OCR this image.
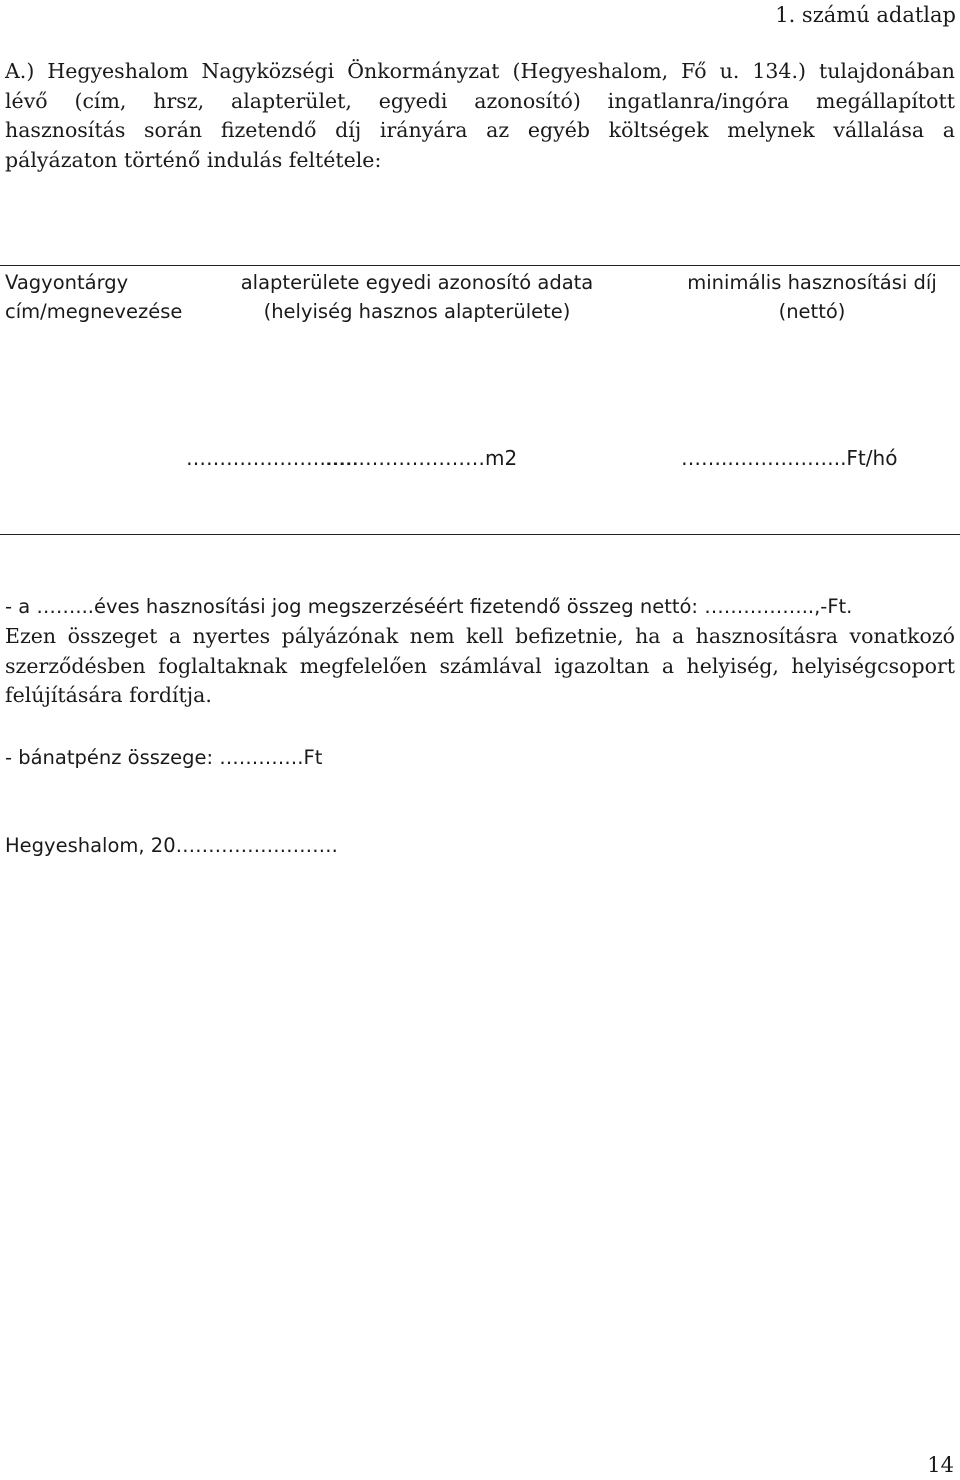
1. számú adatlap
A.) Hegyeshalom Nagyközségi Önkormányzat (Hegyeshalom, Fő u. 134.) tulajdonában
lévő (cím, hrsz, alapterület, egyedi azonosító) ingatlanra/ingóra megállapított
hasznosítás során fizetendő díj irányára az egyéb költségek melynek vállalása a
pályázaton történő indulás feltétele:
Vagyontárgy
cím/megnevezése
alapterülete egyedi azonosító adata
(helyiség hasznos alapterülete)
minimális hasznosítási díj
(nettó)
……………………..
……………………m2	……..……………..Ft/hó
- a ……...éves hasznosítási jog megszerzéséért fizetendő összeg nettó: ……………..,-Ft.
Ezen összeget a nyertes pályázónak nem kell befizetnie, ha a hasznosításra vonatkozó
szerződésben foglaltaknak megfelelően számlával igazoltan a helyiség, helyiségcsoport
felújítására fordítja.
- bánatpénz összege: ………….Ft
Hegyeshalom, 20…………………….
14
